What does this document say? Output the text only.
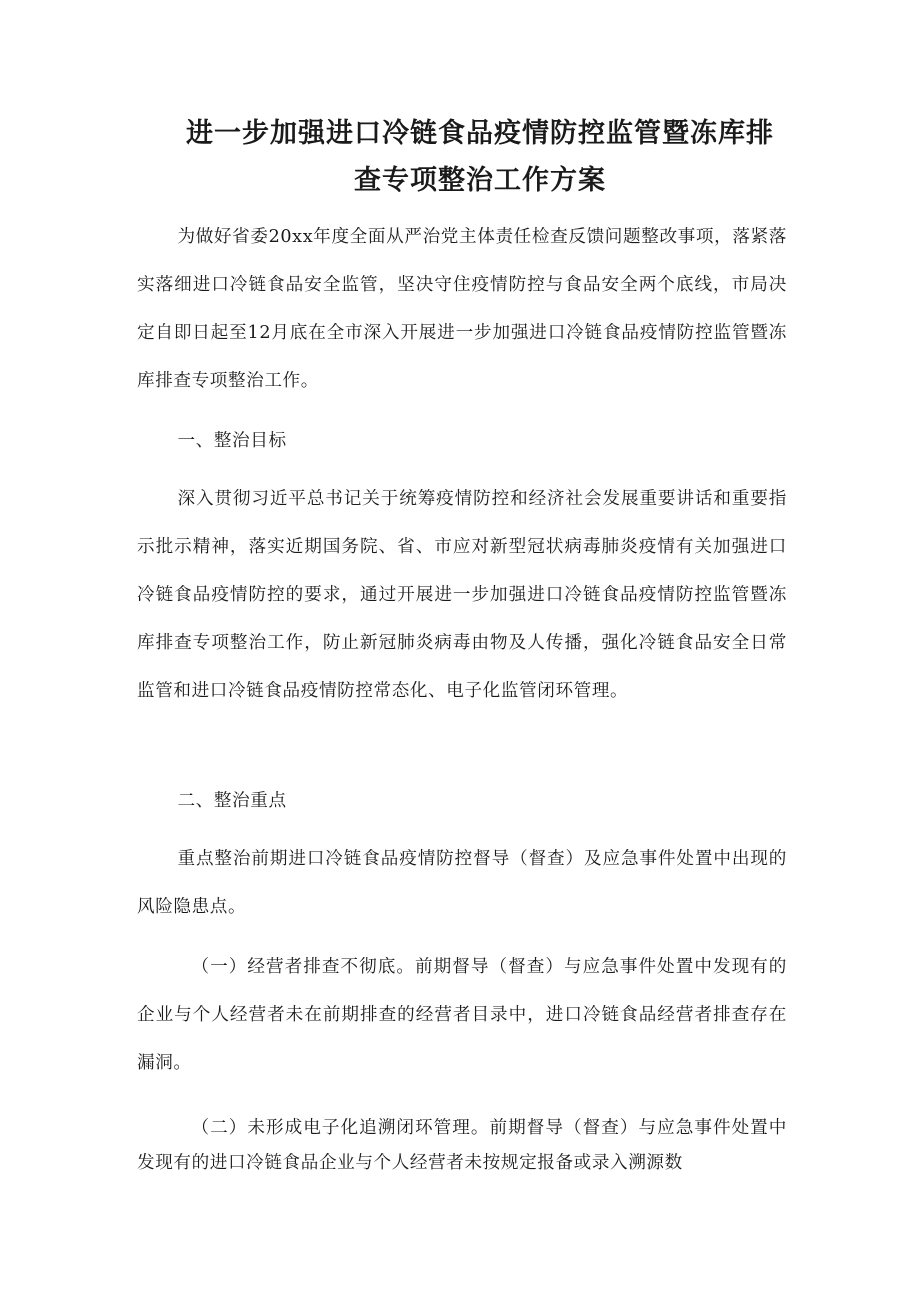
进一步加强进口冷链食品疫情防控监管暨冻库排
查专项整治工作方案

为做好省委20xx年度全面从严治党主体责任检查反馈问题整改事项，落紧落实落细进口冷链食品安全监管，坚决守住疫情防控与食品安全两个底线，市局决定自即日起至12月底在全市深入开展进一步加强进口冷链食品疫情防控监管暨冻库排查专项整治工作。

一、整治目标

深入贯彻习近平总书记关于统筹疫情防控和经济社会发展重要讲话和重要指示批示精神，落实近期国务院、省、市应对新型冠状病毒肺炎疫情有关加强进口冷链食品疫情防控的要求，通过开展进一步加强进口冷链食品疫情防控监管暨冻库排查专项整治工作，防止新冠肺炎病毒由物及人传播，强化冷链食品安全日常监管和进口冷链食品疫情防控常态化、电子化监管闭环管理。

二、整治重点

重点整治前期进口冷链食品疫情防控督导（督查）及应急事件处置中出现的风险隐患点。

（一）经营者排查不彻底。前期督导（督查）与应急事件处置中发现有的企业与个人经营者未在前期排查的经营者目录中，进口冷链食品经营者排查存在漏洞。

（二）未形成电子化追溯闭环管理。前期督导（督查）与应急事件处置中发现有的进口冷链食品企业与个人经营者未按规定报备或录入溯源数
